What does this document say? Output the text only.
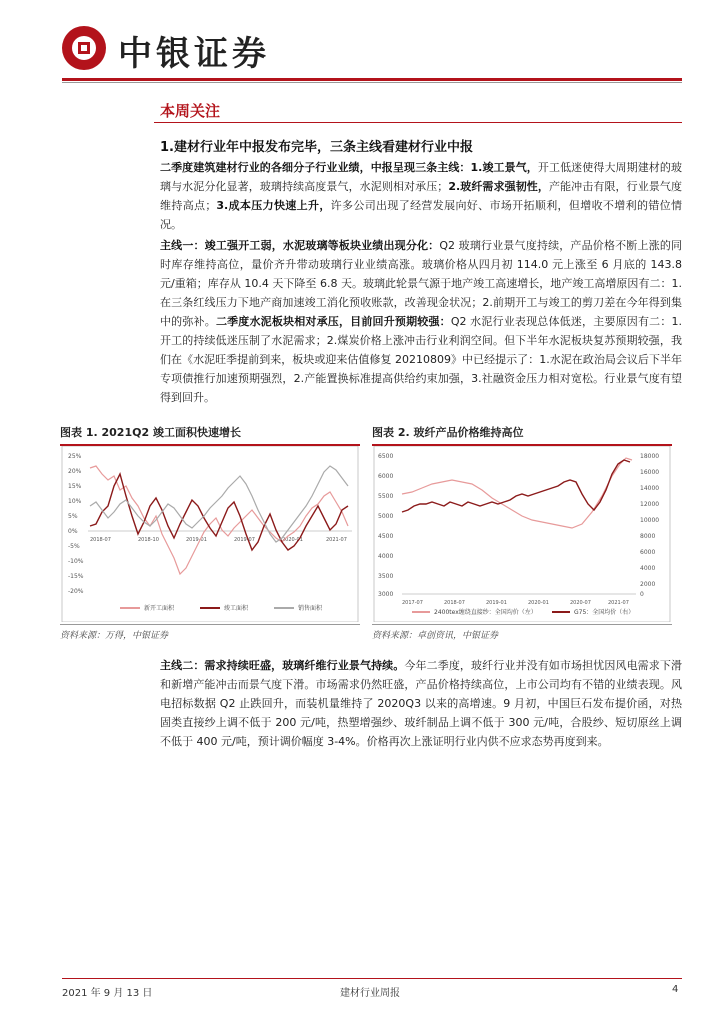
中银证券
本周关注
1.建材行业年中报发布完毕，三条主线看建材行业中报
二季度建筑建材行业的各细分子行业业绩，中报呈现三条主线：1.竣工景气，开工低迷使得大周期建材的玻璃与水泥分化显著，玻璃持续高度景气，水泥则相对承压；2.玻纤需求强韧性，产能冲击有限，行业景气度维持高点；3.成本压力快速上升，许多公司出现了经营发展向好、市场开拓顺利，但增收不增利的错位情况。
主线一：竣工强开工弱，水泥玻璃等板块业绩出现分化：Q2 玻璃行业景气度持续，产品价格不断上涨的同时库存维持高位，量价齐升带动玻璃行业业绩高涨。玻璃价格从四月初 114.0 元上涨至 6 月底的 143.8 元/重箱；库存从 10.4 天下降至 6.8 天。玻璃此轮景气源于地产竣工高速增长，地产竣工高增原因有二：1.在三条红线压力下地产商加速竣工消化预收账款，改善现金状况；2.前期开工与竣工的剪刀差在今年得到集中的弥补。二季度水泥板块相对承压，目前回升预期较强：Q2 水泥行业表现总体低迷，主要原因有二：1.开工的持续低迷压制了水泥需求；2.煤炭价格上涨冲击行业利润空间。但下半年水泥板块复苏预期较强，我们在《水泥旺季提前到来，板块或迎来估值修复 20210809》中已经提示了：1.水泥在政治局会议后下半年专项债推行加速预期强烈，2.产能置换标准提高供给约束加强，3.社融资金压力相对宽松。行业景气度有望得到回升。
图表 1. 2021Q2 竣工面积快速增长
25%
20%
15%
10%
5%
0%
-5%
-10%
-15%
-20%
2018-07	2018-10	2019-01	2019-07	2020-01	2021-07
新开工面积	竣工面积	销售面积
资料来源：万得，中银证券
图表 2. 玻纤产品价格维持高位
6500
6000
5500
5000
4500
4000
3500
3000
18000
16000
14000
12000
10000
8000
6000
4000
2000
0
2017-07	2018-07	2019-01	2020-01	2020-07	2021-07
2400tex缠绕直接纱：全国均价（左）	G75：全国均价（右）
资料来源：卓创资讯，中银证券
主线二：需求持续旺盛，玻璃纤维行业景气持续。今年二季度，玻纤行业并没有如市场担忧因风电需求下滑和新增产能冲击而景气度下滑。市场需求仍然旺盛，产品价格持续高位，上市公司均有不错的业绩表现。风电招标数据 Q2 止跌回升，而装机量维持了 2020Q3 以来的高增速。9 月初，中国巨石发布提价函，对热固类直接纱上调不低于 200 元/吨，热塑增强纱、玻纤制品上调不低于 300 元/吨，合股纱、短切原丝上调不低于 400 元/吨，预计调价幅度 3-4%。价格再次上涨证明行业内供不应求态势再度到来。
2021 年 9 月 13 日	建材行业周报	4
